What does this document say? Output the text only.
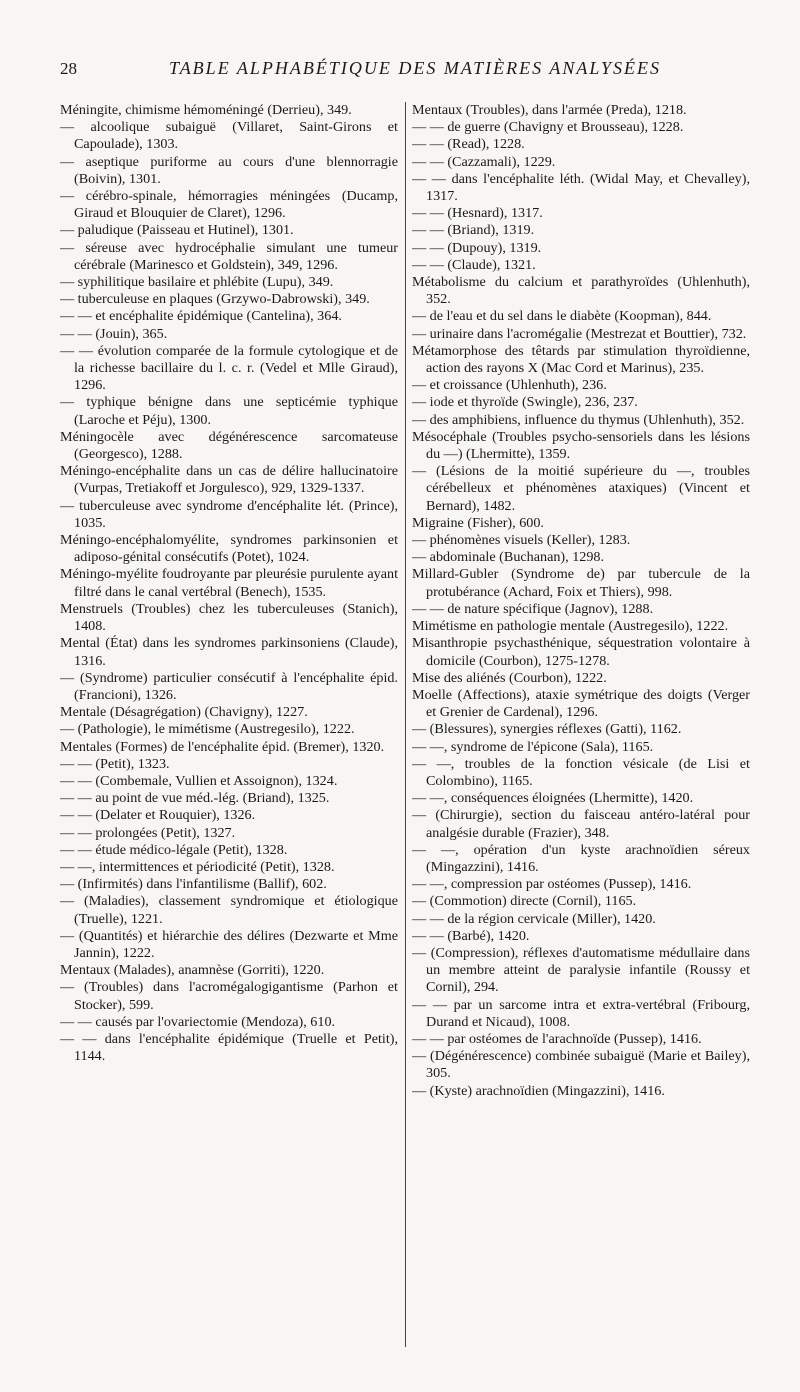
28	TABLE ALPHABÉTIQUE DES MATIÈRES ANALYSÉES

Méningite, chimisme hémoméningé (Derrieu), 349.

— alcoolique subaiguë (Villaret, Saint-Girons et Capoulade), 1303.

— aseptique puriforme au cours d'une blennorragie (Boivin), 1301.

— cérébro-spinale, hémorragies méningées (Ducamp, Giraud et Blouquier de Claret), 1296.

— paludique (Paisseau et Hutinel), 1301.

— séreuse avec hydrocéphalie simulant une tumeur cérébrale (Marinesco et Goldstein), 349, 1296.

— syphilitique basilaire et phlébite (Lupu), 349.

— tuberculeuse en plaques (Grzywo-Dabrowski), 349.

— — et encéphalite épidémique (Cantelina), 364.

— — (Jouin), 365.

— — évolution comparée de la formule cytologique et de la richesse bacillaire du l. c. r. (Vedel et Mlle Giraud), 1296.

— typhique bénigne dans une septicémie typhique (Laroche et Péju), 1300.

Méningocèle avec dégénérescence sarcomateuse (Georgesco), 1288.

Méningo-encéphalite dans un cas de délire hallucinatoire (Vurpas, Tretiakoff et Jorgulesco), 929, 1329-1337.

— tuberculeuse avec syndrome d'encéphalite lét. (Prince), 1035.

Méningo-encéphalomyélite, syndromes parkinsonien et adiposo-génital consécutifs (Potet), 1024.

Méningo-myélite foudroyante par pleurésie purulente ayant filtré dans le canal vertébral (Benech), 1535.

Menstruels (Troubles) chez les tuberculeuses (Stanich), 1408.

Mental (État) dans les syndromes parkinsoniens (Claude), 1316.

— (Syndrome) particulier consécutif à l'encéphalite épid. (Francioni), 1326.

Mentale (Désagrégation) (Chavigny), 1227.

— (Pathologie), le mimétisme (Austregesilo), 1222.

Mentales (Formes) de l'encéphalite épid. (Bremer), 1320.

— — (Petit), 1323.

— — (Combemale, Vullien et Assoignon), 1324.

— — au point de vue méd.-lég. (Briand), 1325.

— — (Delater et Rouquier), 1326.

— — prolongées (Petit), 1327.

— — étude médico-légale (Petit), 1328.

— —, intermittences et périodicité (Petit), 1328.

— (Infirmités) dans l'infantilisme (Ballif), 602.

— (Maladies), classement syndromique et étiologique (Truelle), 1221.

— (Quantités) et hiérarchie des délires (Dezwarte et Mme Jannin), 1222.

Mentaux (Malades), anamnèse (Gorriti), 1220.

— (Troubles) dans l'acromégalogigantisme (Parhon et Stocker), 599.

— — causés par l'ovariectomie (Mendoza), 610.

— — dans l'encéphalite épidémique (Truelle et Petit), 1144.

Mentaux (Troubles), dans l'armée (Preda), 1218.

— — de guerre (Chavigny et Brousseau), 1228.

— — (Read), 1228.

— — (Cazzamali), 1229.

— — dans l'encéphalite léth. (Widal May, et Chevalley), 1317.

— — (Hesnard), 1317.

— — (Briand), 1319.

— — (Dupouy), 1319.

— — (Claude), 1321.

Métabolisme du calcium et parathyroïdes (Uhlenhuth), 352.

— de l'eau et du sel dans le diabète (Koopman), 844.

— urinaire dans l'acromégalie (Mestrezat et Bouttier), 732.

Métamorphose des têtards par stimulation thyroïdienne, action des rayons X (Mac Cord et Marinus), 235.

— et croissance (Uhlenhuth), 236.

— iode et thyroïde (Swingle), 236, 237.

— des amphibiens, influence du thymus (Uhlenhuth), 352.

Mésocéphale (Troubles psycho-sensoriels dans les lésions du —) (Lhermitte), 1359.

— (Lésions de la moitié supérieure du —, troubles cérébelleux et phénomènes ataxiques) (Vincent et Bernard), 1482.

Migraine (Fisher), 600.

— phénomènes visuels (Keller), 1283.

— abdominale (Buchanan), 1298.

Millard-Gubler (Syndrome de) par tubercule de la protubérance (Achard, Foix et Thiers), 998.

— — de nature spécifique (Jagnov), 1288.

Mimétisme en pathologie mentale (Austregesilo), 1222.

Misanthropie psychasthénique, séquestration volontaire à domicile (Courbon), 1275-1278.

Mise des aliénés (Courbon), 1222.

Moelle (Affections), ataxie symétrique des doigts (Verger et Grenier de Cardenal), 1296.

— (Blessures), synergies réflexes (Gatti), 1162.

— —, syndrome de l'épicone (Sala), 1165.

— —, troubles de la fonction vésicale (de Lisi et Colombino), 1165.

— —, conséquences éloignées (Lhermitte), 1420.

— (Chirurgie), section du faisceau antéro-latéral pour analgésie durable (Frazier), 348.

— —, opération d'un kyste arachnoïdien séreux (Mingazzini), 1416.

— —, compression par ostéomes (Pussep), 1416.

— (Commotion) directe (Cornil), 1165.

— — de la région cervicale (Miller), 1420.

— — (Barbé), 1420.

— (Compression), réflexes d'automatisme médullaire dans un membre atteint de paralysie infantile (Roussy et Cornil), 294.

— — par un sarcome intra et extra-vertébral (Fribourg, Durand et Nicaud), 1008.

— — par ostéomes de l'arachnoïde (Pussep), 1416.

— (Dégénérescence) combinée subaiguë (Marie et Bailey), 305.

— (Kyste) arachnoïdien (Mingazzini), 1416.
